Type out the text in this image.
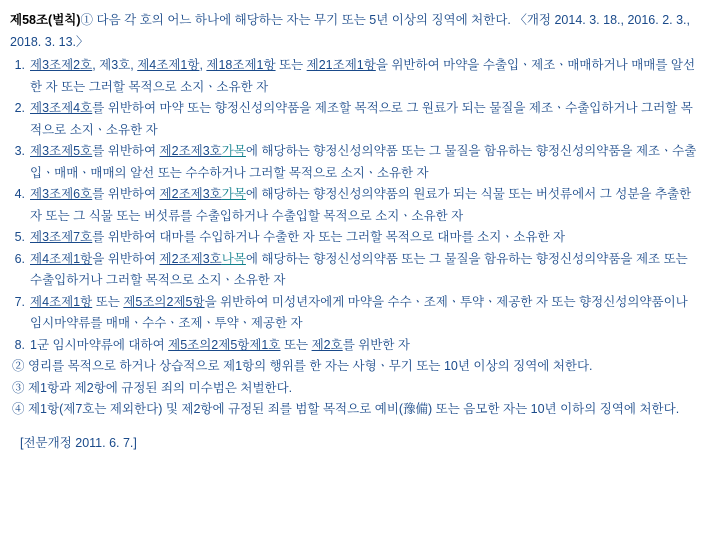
제58조(벌칙)① 다음 각 호의 어느 하나에 해당하는 자는 무기 또는 5년 이상의 징역에 처한다. 〈개정 2014. 3. 18., 2016. 2. 3., 2018. 3. 13.〉
1. 제3조제2호, 제3호, 제4조제1항, 제18조제1항 또는 제21조제1항을 위반하여 마약을 수출입ㆍ제조ㆍ매매하거나 매매를 알선한 자 또는 그러할 목적으로 소지ㆍ소유한 자
2. 제3조제4호를 위반하여 마약 또는 향정신성의약품을 제조할 목적으로 그 원료가 되는 물질을 제조ㆍ수출입하거나 그러할 목적으로 소지ㆍ소유한 자
3. 제3조제5호를 위반하여 제2조제3호가목에 해당하는 향정신성의약품 또는 그 물질을 함유하는 향정신성의약품을 제조ㆍ수출입ㆍ매매ㆍ매매의 알선 또는 수수하거나 그러할 목적으로 소지ㆍ소유한 자
4. 제3조제6호를 위반하여 제2조제3호가목에 해당하는 향정신성의약품의 원료가 되는 식물 또는 버섯류에서 그 성분을 추출한 자 또는 그 식물 또는 버섯류를 수출입하거나 수출입할 목적으로 소지ㆍ소유한 자
5. 제3조제7호를 위반하여 대마를 수입하거나 수출한 자 또는 그러할 목적으로 대마를 소지ㆍ소유한 자
6. 제4조제1항을 위반하여 제2조제3호나목에 해당하는 향정신성의약품 또는 그 물질을 함유하는 향정신성의약품을 제조 또는 수출입하거나 그러할 목적으로 소지ㆍ소유한 자
7. 제4조제1항 또는 제5조의2제5항을 위반하여 미성년자에게 마약을 수수ㆍ조제ㆍ투약ㆍ제공한 자 또는 향정신성의약품이나 임시마약류를 매매ㆍ수수ㆍ조제ㆍ투약ㆍ제공한 자
8. 1군 임시마약류에 대하여 제5조의2제5항제1호 또는 제2호를 위반한 자
② 영리를 목적으로 하거나 상습적으로 제1항의 행위를 한 자는 사형ㆍ무기 또는 10년 이상의 징역에 처한다.
③ 제1항과 제2항에 규정된 죄의 미수범은 처벌한다.
④ 제1항(제7호는 제외한다) 및 제2항에 규정된 죄를 범할 목적으로 예비(豫備) 또는 음모한 자는 10년 이하의 징역에 처한다.
[전문개정 2011. 6. 7.]
